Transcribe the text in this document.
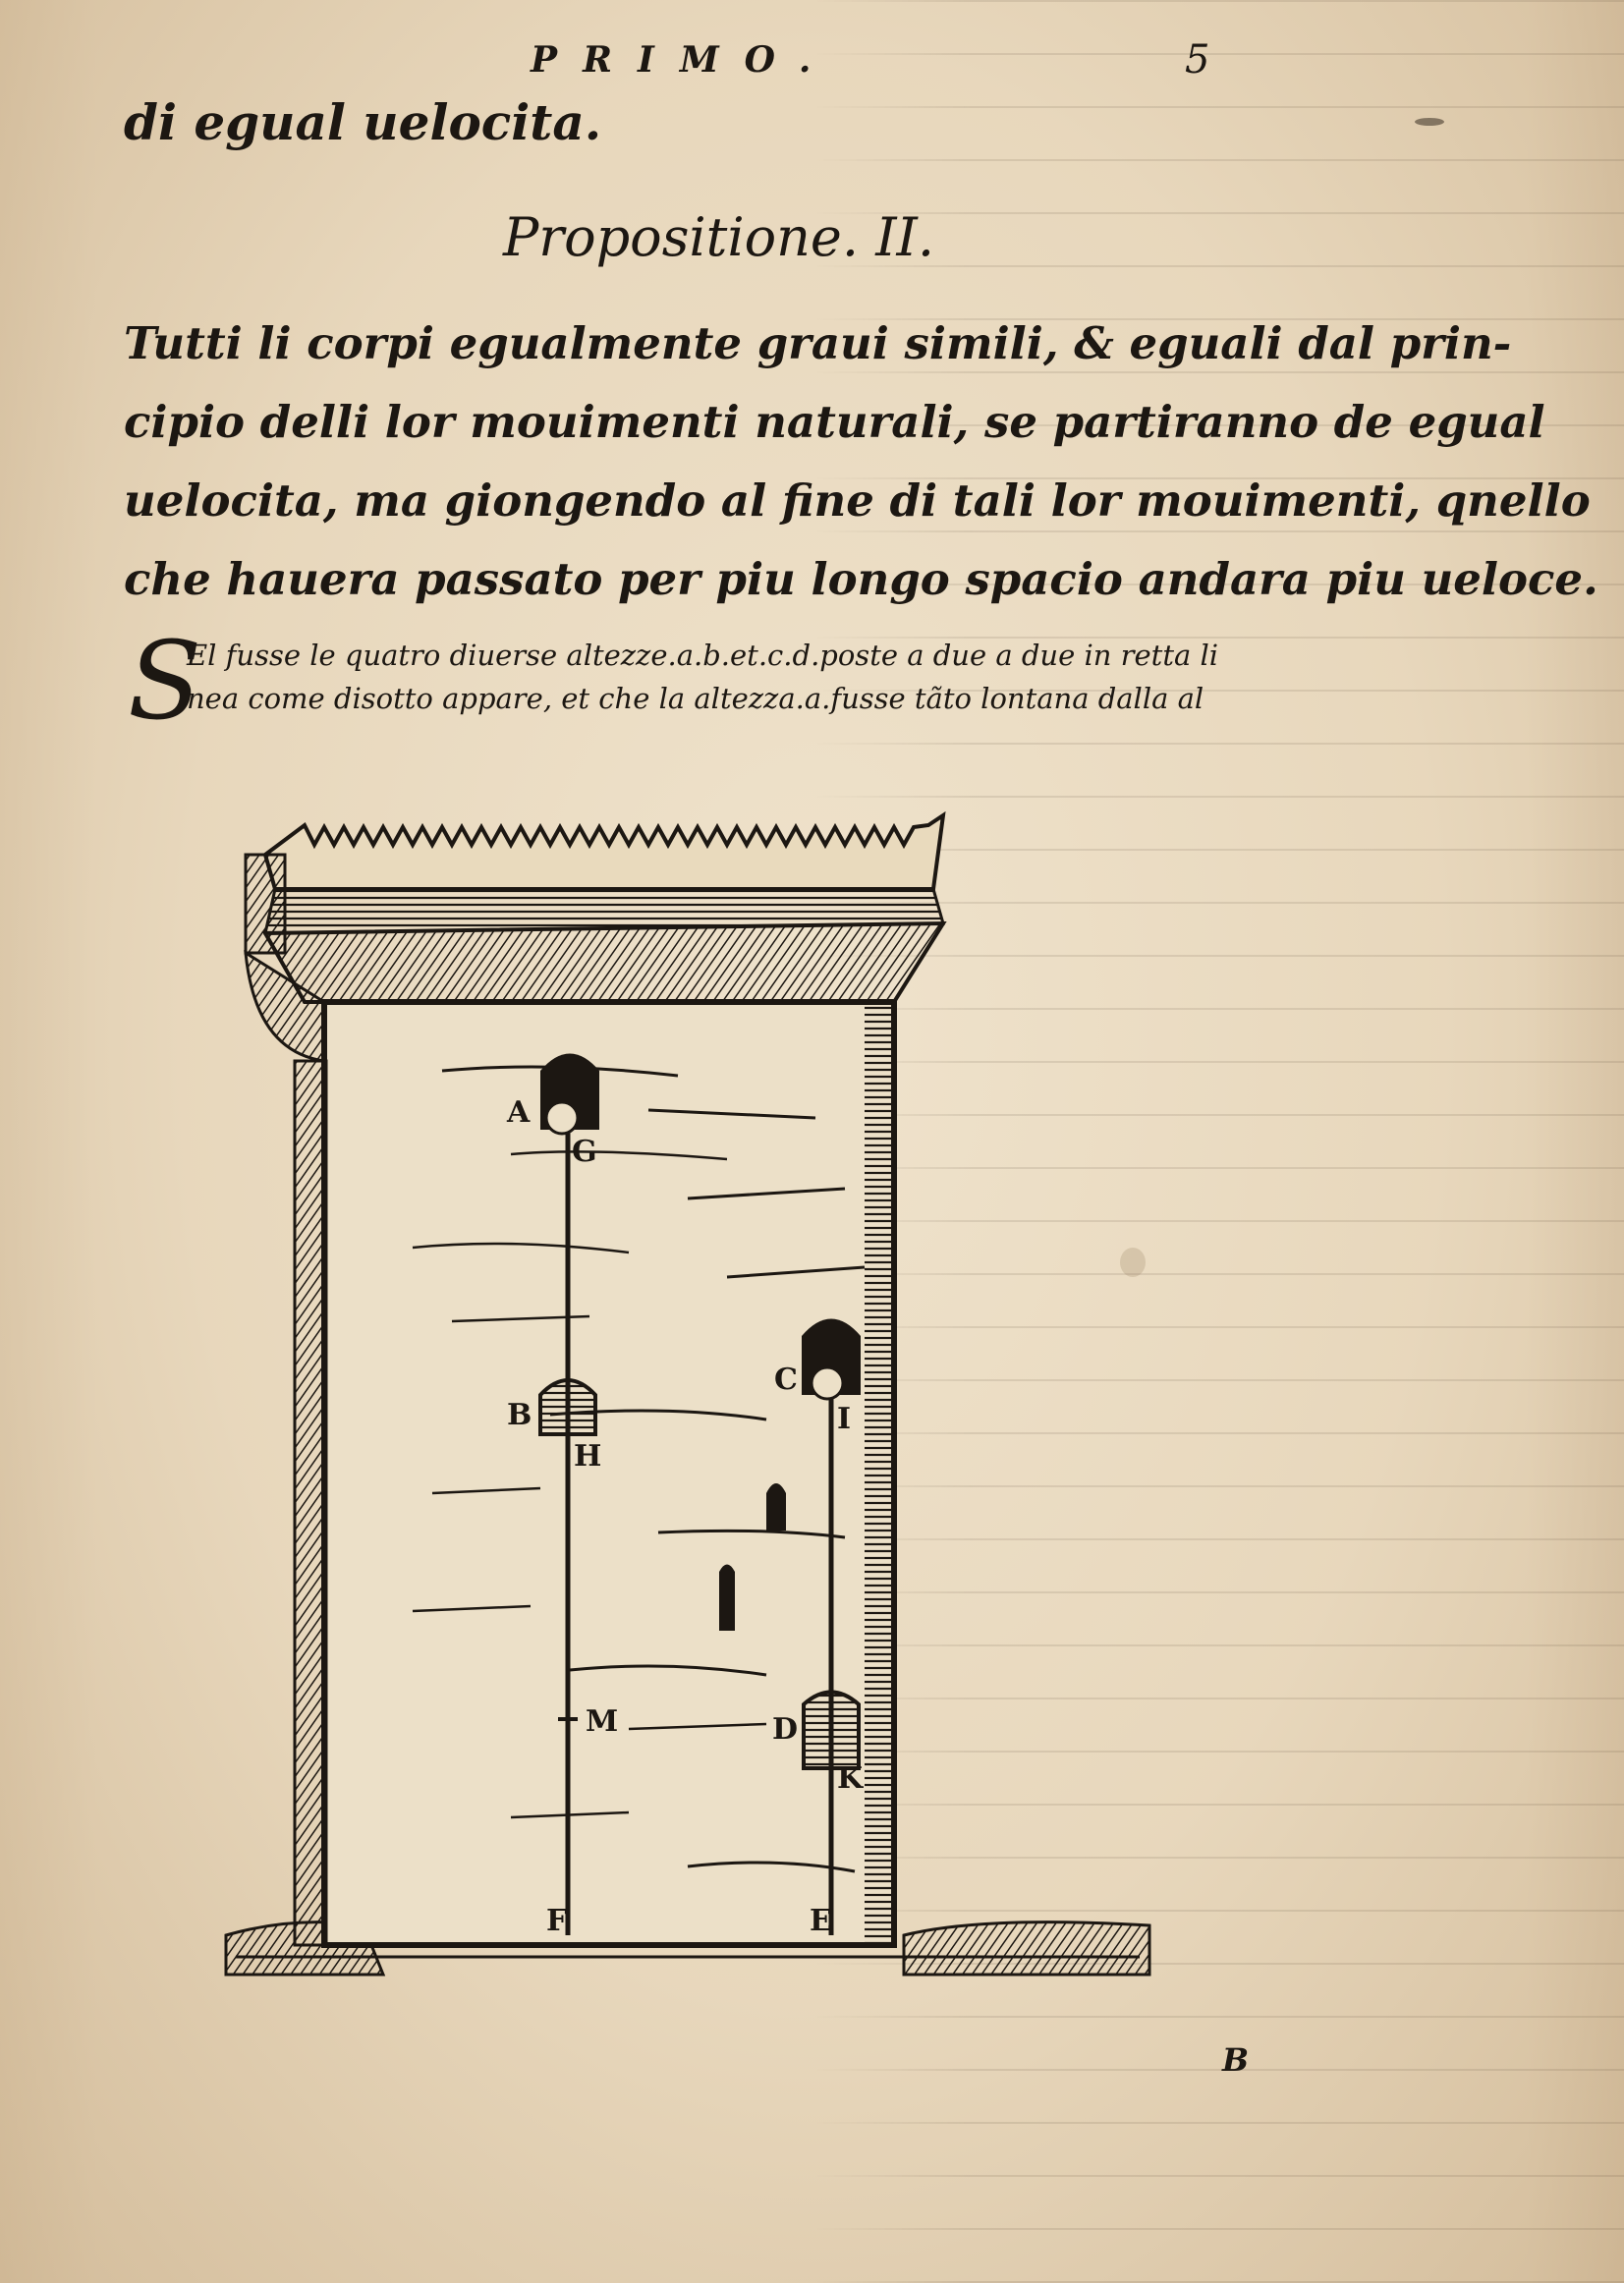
PRIMO.	5
di egual uelocita.
Propositione. II.
Tutti li corpi egualmente graui simili, & eguali dal prin-
cipio delli lor mouimenti naturali, se partiranno de egual
uelocita, ma giongendo al fine di tali lor mouimenti, qnello
che hauera passato per piu longo spacio andara piu ueloce.
S
El fusse le quatro diuerse altezze.a.b.et.c.d.poste a due a due in retta li
nea come disotto appare, et che la altezza.a.fusse tãto lontana dalla al
A
G
B
H
M
F
C
I
D
K
E
B
